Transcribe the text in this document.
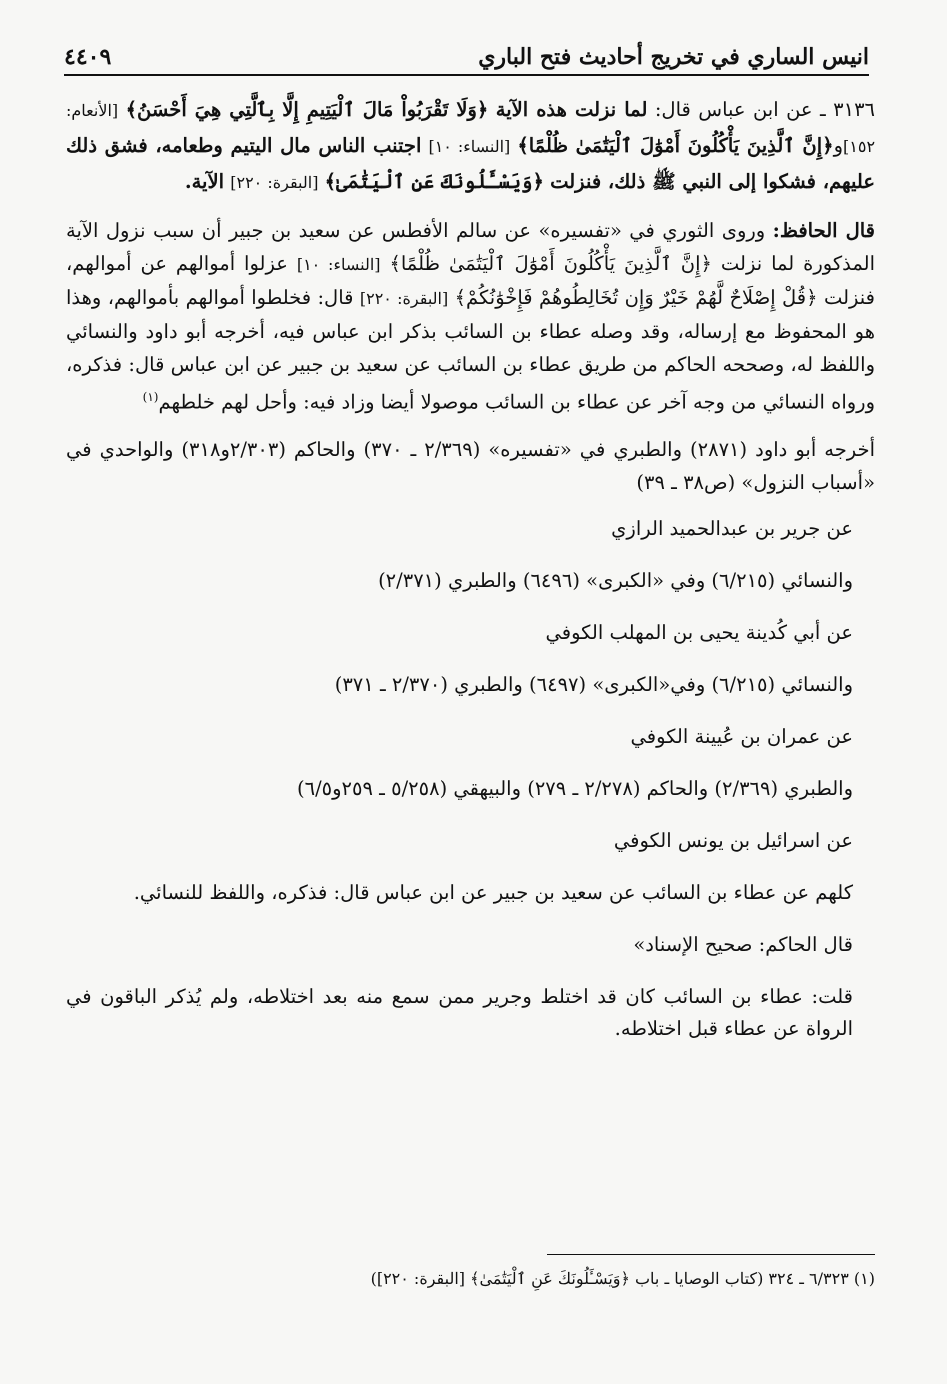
انيس الساري في تخريج أحاديث فتح الباري
٤٤٠٩

٣١٣٦ ـ عن ابن عباس قال: لما نزلت هذه الآية ﴿وَلَا تَقْرَبُواْ مَالَ ٱلْيَتِيمِ إِلَّا بِٱلَّتِي هِيَ أَحْسَنُ﴾ [الأنعام: ١٥٢]و﴿إِنَّ ٱلَّذِينَ يَأْكُلُونَ أَمْوَٰلَ ٱلْيَتَٰمَىٰ ظُلْمًا﴾ [النساء: ١٠] اجتنب الناس مال اليتيم وطعامه، فشق ذلك عليهم، فشكوا إلى النبي ﷺ ذلك، فنزلت ﴿وَيَسْـَٔلُونَكَ عَنِ ٱلْيَتَٰمَىٰ﴾ [البقرة: ٢٢٠] الآية.

قال الحافظ: وروى الثوري في «تفسيره» عن سالم الأفطس عن سعيد بن جبير أن سبب نزول الآية المذكورة لما نزلت ﴿إِنَّ ٱلَّذِينَ يَأْكُلُونَ أَمْوَٰلَ ٱلْيَتَٰمَىٰ ظُلْمًا﴾ [النساء: ١٠] عزلوا أموالهم عن أموالهم، فنزلت ﴿قُلْ إِصْلَاحٌ لَّهُمْ خَيْرٌ وَإِن تُخَالِطُوهُمْ فَإِخْوَٰنُكُمْ﴾ [البقرة: ٢٢٠] قال: فخلطوا أموالهم بأموالهم، وهذا هو المحفوظ مع إرساله، وقد وصله عطاء بن السائب بذكر ابن عباس فيه، أخرجه أبو داود والنسائي واللفظ له، وصححه الحاكم من طريق عطاء بن السائب عن سعيد بن جبير عن ابن عباس قال: فذكره، ورواه النسائي من وجه آخر عن عطاء بن السائب موصولا أيضا وزاد فيه: وأحل لهم خلطهم$^{(١)}$

أخرجه أبو داود (٢٨٧١) والطبري في «تفسيره» (٢/٣٦٩ ـ ٣٧٠) والحاكم (٢/٣٠٣و٣١٨) والواحدي في «أسباب النزول» (ص٣٨ ـ ٣٩)

عن جرير بن عبدالحميد الرازي

والنسائي (٦/٢١٥) وفي «الكبرى» (٦٤٩٦) والطبري (٢/٣٧١)

عن أبي كُدينة يحيى بن المهلب الكوفي

والنسائي (٦/٢١٥) وفي«الكبرى» (٦٤٩٧) والطبري (٢/٣٧٠ ـ ٣٧١)

عن عمران بن عُيينة الكوفي

والطبري (٢/٣٦٩) والحاكم (٢/٢٧٨ ـ ٢٧٩) والبيهقي (٥/٢٥٨ ـ ٢٥٩و٦/٥)

عن اسرائيل بن يونس الكوفي

كلهم عن عطاء بن السائب عن سعيد بن جبير عن ابن عباس قال: فذكره، واللفظ للنسائي.

قال الحاكم: صحيح الإسناد»

قلت: عطاء بن السائب كان قد اختلط وجرير ممن سمع منه بعد اختلاطه، ولم يُذكر الباقون في الرواة عن عطاء قبل اختلاطه.

(١) ٦/٣٢٣ ـ ٣٢٤ (كتاب الوصايا ـ باب ﴿وَيَسْـَٔلُونَكَ عَنِ ٱلْيَتَٰمَىٰ﴾ [البقرة: ٢٢٠])
